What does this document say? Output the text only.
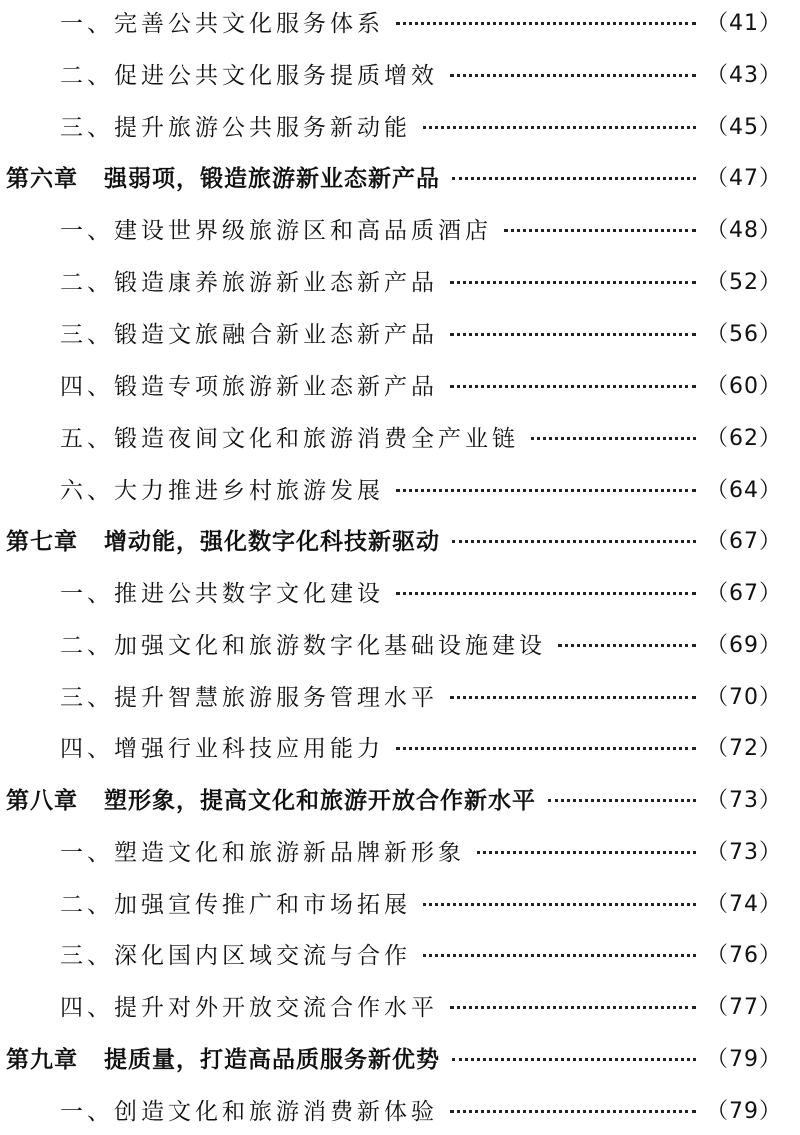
一、完善公共文化服务体系	（41）
二、促进公共文化服务提质增效	（43）
三、提升旅游公共服务新动能	（45）
第六章 强弱项，锻造旅游新业态新产品	（47）
一、建设世界级旅游区和高品质酒店	（48）
二、锻造康养旅游新业态新产品	（52）
三、锻造文旅融合新业态新产品	（56）
四、锻造专项旅游新业态新产品	（60）
五、锻造夜间文化和旅游消费全产业链	（62）
六、大力推进乡村旅游发展	（64）
第七章 增动能，强化数字化科技新驱动	（67）
一、推进公共数字文化建设	（67）
二、加强文化和旅游数字化基础设施建设	（69）
三、提升智慧旅游服务管理水平	（70）
四、增强行业科技应用能力	（72）
第八章 塑形象，提高文化和旅游开放合作新水平	（73）
一、塑造文化和旅游新品牌新形象	（73）
二、加强宣传推广和市场拓展	（74）
三、深化国内区域交流与合作	（76）
四、提升对外开放交流合作水平	（77）
第九章 提质量，打造高品质服务新优势	（79）
一、创造文化和旅游消费新体验	（79）
